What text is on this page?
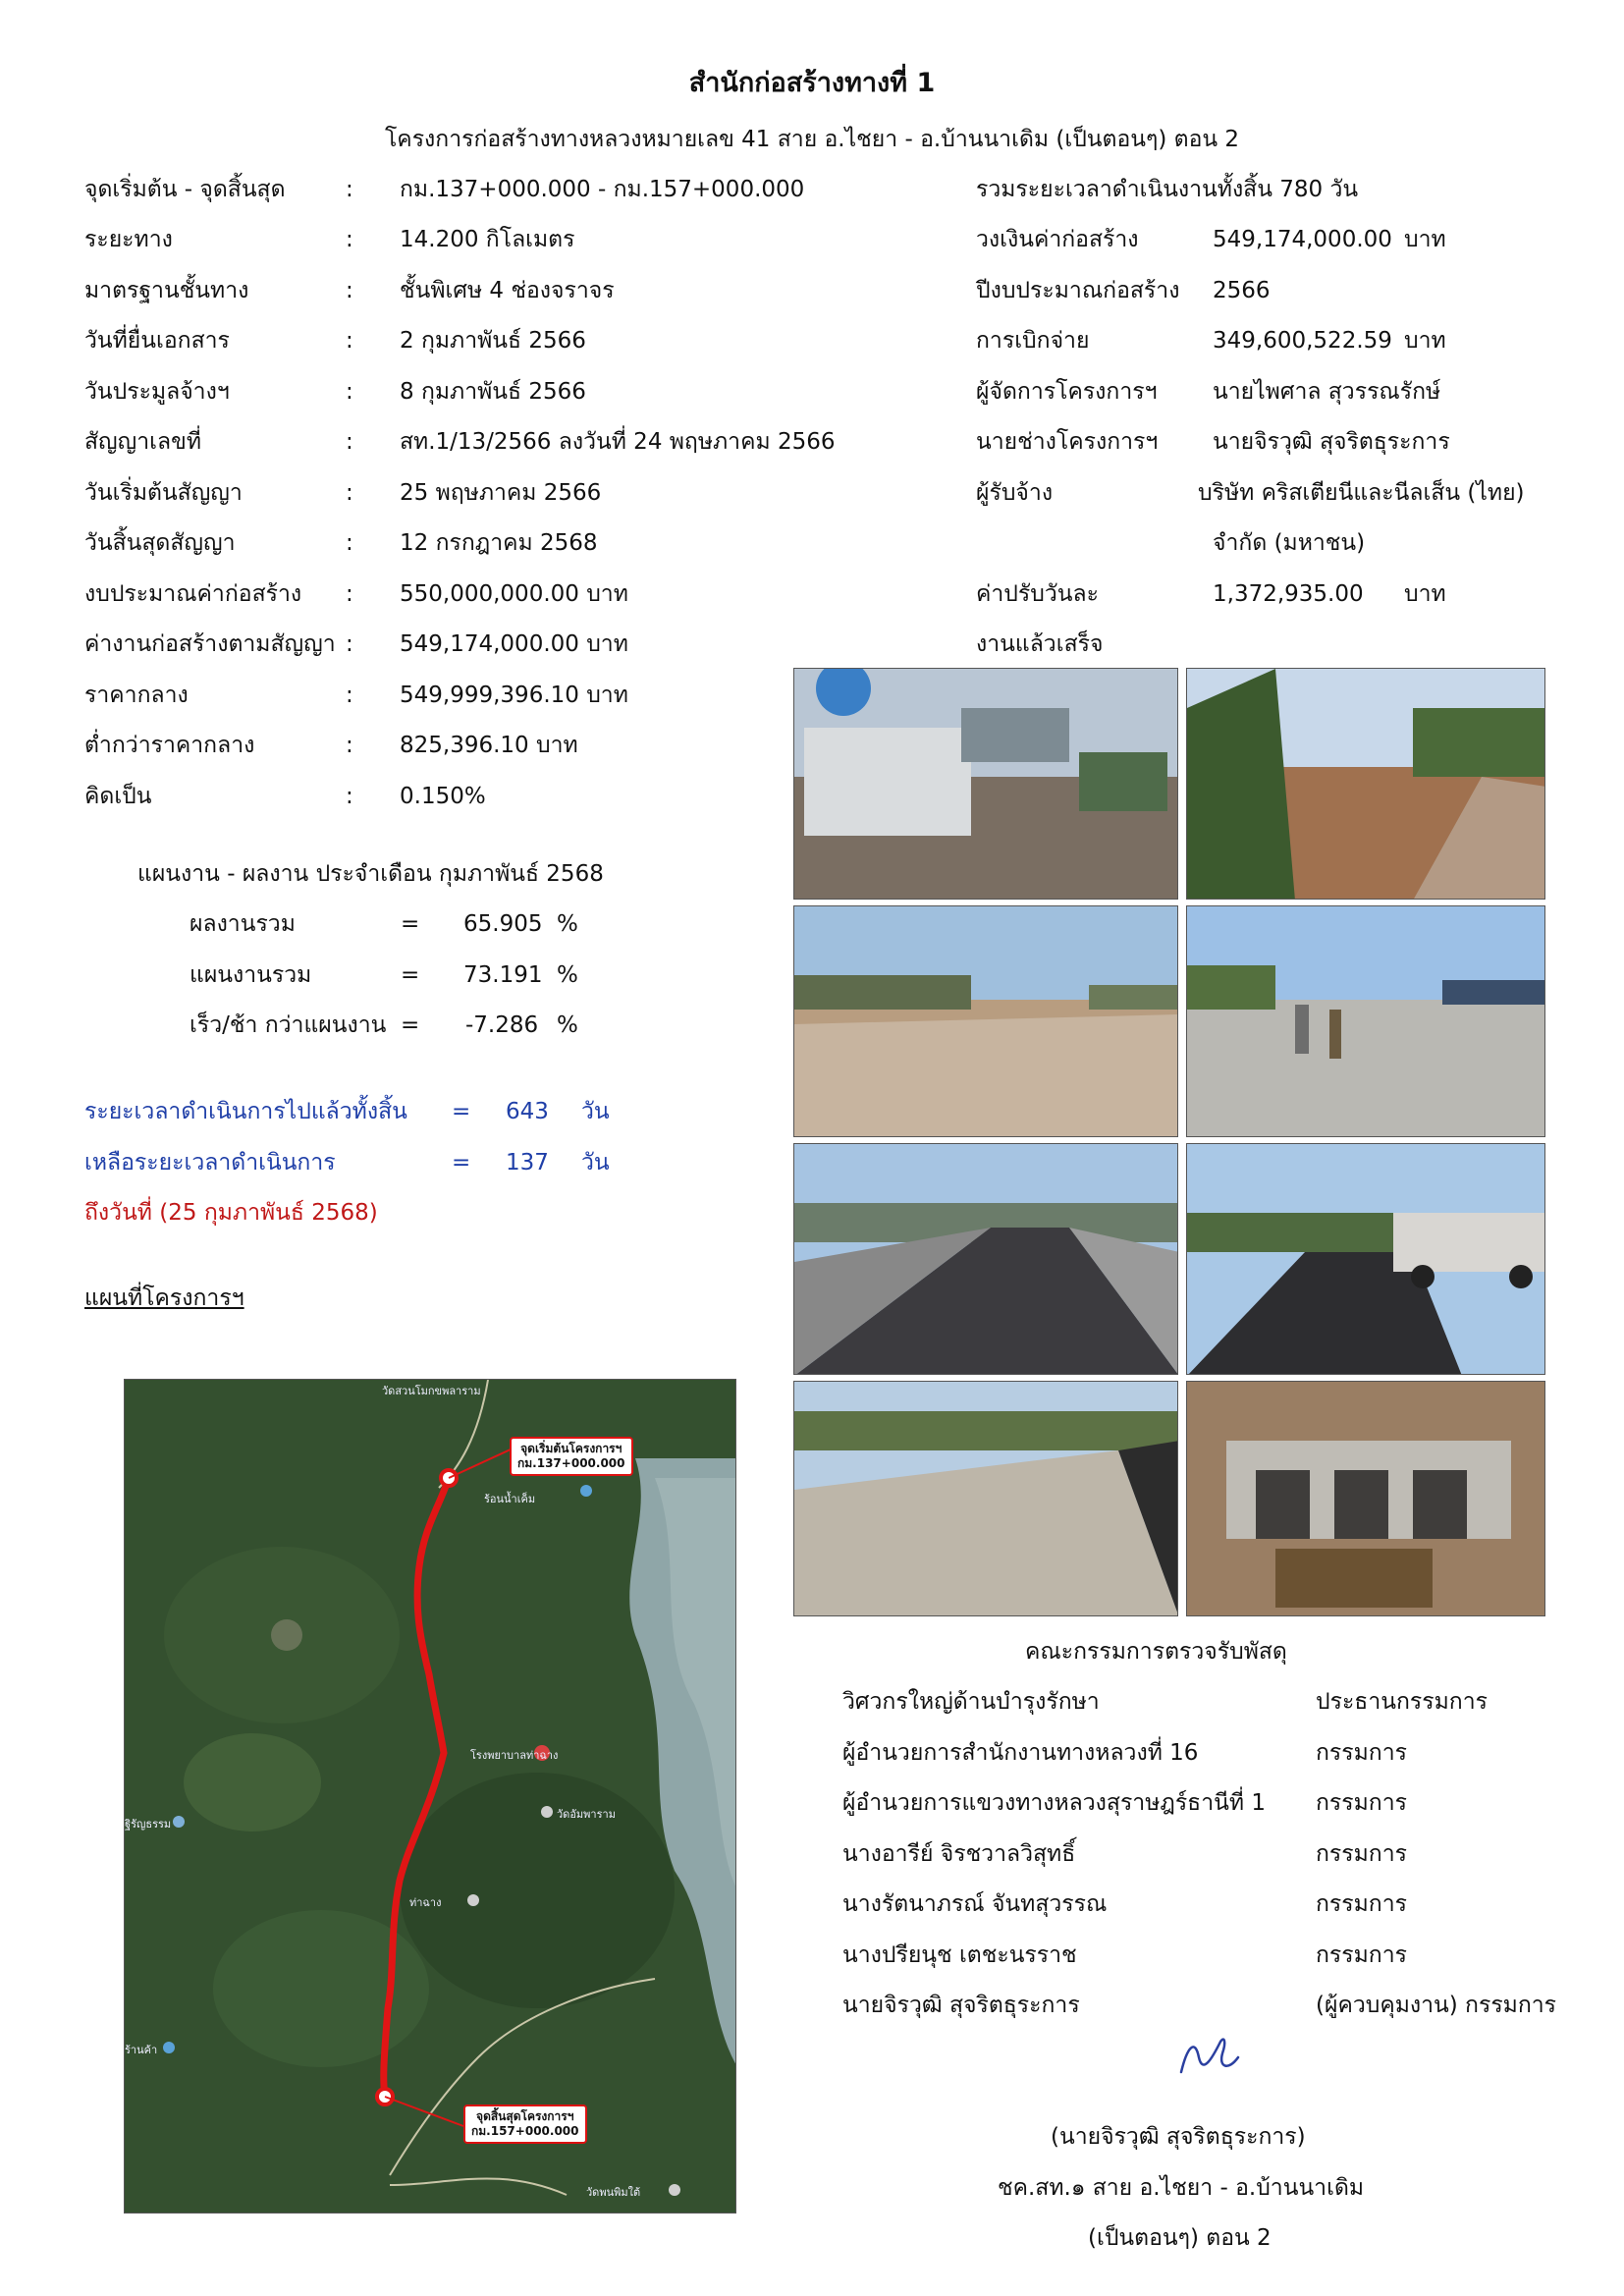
สำนักก่อสร้างทางที่ 1
โครงการก่อสร้างทางหลวงหมายเลข 41 สาย อ.ไชยา - อ.บ้านนาเดิม (เป็นตอนๆ) ตอน 2
จุดเริ่มต้น - จุดสิ้นสุด	: กม.137+000.000 - กม.157+000.000
ระยะทาง	: 14.200 กิโลเมตร
มาตรฐานชั้นทาง	: ชั้นพิเศษ 4 ช่องจราจร
วันที่ยื่นเอกสาร	: 2 กุมภาพันธ์ 2566
วันประมูลจ้างฯ	: 8 กุมภาพันธ์ 2566
สัญญาเลขที่	: สท.1/13/2566 ลงวันที่ 24 พฤษภาคม 2566
วันเริ่มต้นสัญญา	: 25 พฤษภาคม 2566
วันสิ้นสุดสัญญา	: 12 กรกฎาคม 2568
งบประมาณค่าก่อสร้าง : 550,000,000.00 บาท
ค่างานก่อสร้างตามสัญญา : 549,174,000.00 บาท
ราคากลาง	: 549,999,396.10 บาท
ต่ำกว่าราคากลาง	: 825,396.10 บาท
คิดเป็น	: 0.150%
รวมระยะเวลาดำเนินงานทั้งสิ้น 780 วัน
วงเงินค่าก่อสร้าง	549,174,000.00 บาท
ปีงบประมาณก่อสร้าง 2566
การเบิกจ่าย	349,600,522.59 บาท
ผู้จัดการโครงการฯ นายไพศาล สุวรรณรักษ์
นายช่างโครงการฯ นายจิรวุฒิ สุจริตธุระการ
ผู้รับจ้าง	บริษัท คริสเตียนีและนีลเส็น (ไทย)
จำกัด (มหาชน)
ค่าปรับวันละ	1,372,935.00 บาท
งานแล้วเสร็จ
แผนงาน - ผลงาน ประจำเดือน กุมภาพันธ์ 2568
ผลงานรวม	= 65.905 %
แผนงานรวม	= 73.191 %
เร็ว/ช้า กว่าแผนงาน = -7.286 %
ระยะเวลาดำเนินการไปแล้วทั้งสิ้น = 643 วัน
เหลือระยะเวลาดำเนินการ	= 137 วัน
ถึงวันที่ (25 กุมภาพันธ์ 2568)
แผนที่โครงการฯ
จุดเริ่มต้นโครงการฯ
กม.137+000.000
จุดสิ้นสุดโครงการฯ
กม.157+000.000
วัดสวนโมกขพลาราม
ร้อนน้ำเค็ม
โรงพยาบาลท่าฉาง
วัดอัมพาราม
ฐิรัญธรรม
ท่าฉาง
ร้านค้า
วัดพนพิมใต้
คณะกรรมการตรวจรับพัสดุ
วิศวกรใหญ่ด้านบำรุงรักษา	ประธานกรรมการ
ผู้อำนวยการสำนักงานทางหลวงที่ 16	กรรมการ
ผู้อำนวยการแขวงทางหลวงสุราษฎร์ธานีที่ 1 กรรมการ
นางอารีย์ จิรชวาลวิสุทธิ์	กรรมการ
นางรัตนาภรณ์ จันทสุวรรณ	กรรมการ
นางปรียนุช เตชะนรราช	กรรมการ
นายจิรวุฒิ สุจริตธุระการ	(ผู้ควบคุมงาน) กรรมการ
(นายจิรวุฒิ สุจริตธุระการ)
ชค.สท.๑ สาย อ.ไชยา - อ.บ้านนาเดิม
(เป็นตอนๆ) ตอน 2
